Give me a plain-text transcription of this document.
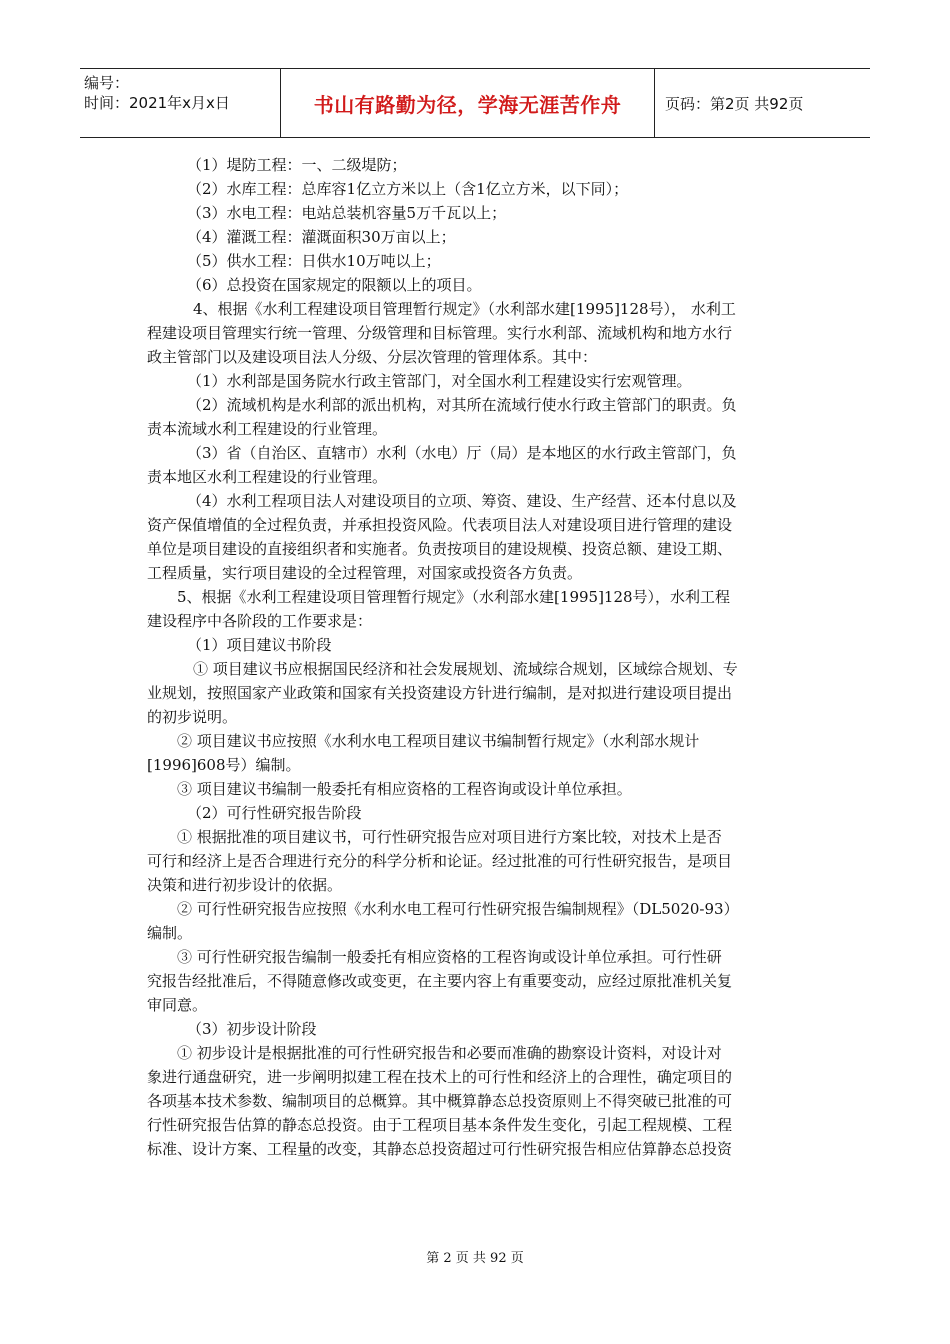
编号：
时间：2021年x月x日	书山有路勤为径，学海无涯苦作舟	页码：第2页 共92页
（1）堤防工程：一、二级堤防；
（2）水库工程：总库容1亿立方米以上（含1亿立方米，以下同）；
（3）水电工程：电站总装机容量5万千瓦以上；
（4）灌溉工程：灌溉面积30万亩以上；
（5）供水工程：日供水10万吨以上；
（6）总投资在国家规定的限额以上的项目。
4、根据《水利工程建设项目管理暂行规定》（水利部水建[1995]128号）， 水利工
程建设项目管理实行统一管理、分级管理和目标管理。实行水利部、流域机构和地方水行
政主管部门以及建设项目法人分级、分层次管理的管理体系。其中：
（1）水利部是国务院水行政主管部门，对全国水利工程建设实行宏观管理。
（2）流域机构是水利部的派出机构，对其所在流域行使水行政主管部门的职责。负
责本流域水利工程建设的行业管理。
（3）省（自治区、直辖市）水利（水电）厅（局）是本地区的水行政主管部门，负
责本地区水利工程建设的行业管理。
（4）水利工程项目法人对建设项目的立项、筹资、建设、生产经营、还本付息以及
资产保值增值的全过程负责，并承担投资风险。代表项目法人对建设项目进行管理的建设
单位是项目建设的直接组织者和实施者。负责按项目的建设规模、投资总额、建设工期、
工程质量，实行项目建设的全过程管理，对国家或投资各方负责。
5、根据《水利工程建设项目管理暂行规定》（水利部水建[1995]128号），水利工程
建设程序中各阶段的工作要求是：
（1）项目建议书阶段
① 项目建议书应根据国民经济和社会发展规划、流域综合规划，区域综合规划、专
业规划，按照国家产业政策和国家有关投资建设方针进行编制，是对拟进行建设项目提出
的初步说明。
② 项目建议书应按照《水利水电工程项目建议书编制暂行规定》（水利部水规计
[1996]608号）编制。
③ 项目建议书编制一般委托有相应资格的工程咨询或设计单位承担。
（2）可行性研究报告阶段
① 根据批准的项目建议书，可行性研究报告应对项目进行方案比较，对技术上是否
可行和经济上是否合理进行充分的科学分析和论证。经过批准的可行性研究报告，是项目
决策和进行初步设计的依据。
② 可行性研究报告应按照《水利水电工程可行性研究报告编制规程》（DL5020-93）
编制。
③ 可行性研究报告编制一般委托有相应资格的工程咨询或设计单位承担。可行性研
究报告经批准后，不得随意修改或变更，在主要内容上有重要变动，应经过原批准机关复
审同意。
（3）初步设计阶段
① 初步设计是根据批准的可行性研究报告和必要而准确的勘察设计资料，对设计对
象进行通盘研究，进一步阐明拟建工程在技术上的可行性和经济上的合理性，确定项目的
各项基本技术参数、编制项目的总概算。其中概算静态总投资原则上不得突破已批准的可
行性研究报告估算的静态总投资。由于工程项目基本条件发生变化，引起工程规模、工程
标准、设计方案、工程量的改变，其静态总投资超过可行性研究报告相应估算静态总投资
第 2 页 共 92 页
